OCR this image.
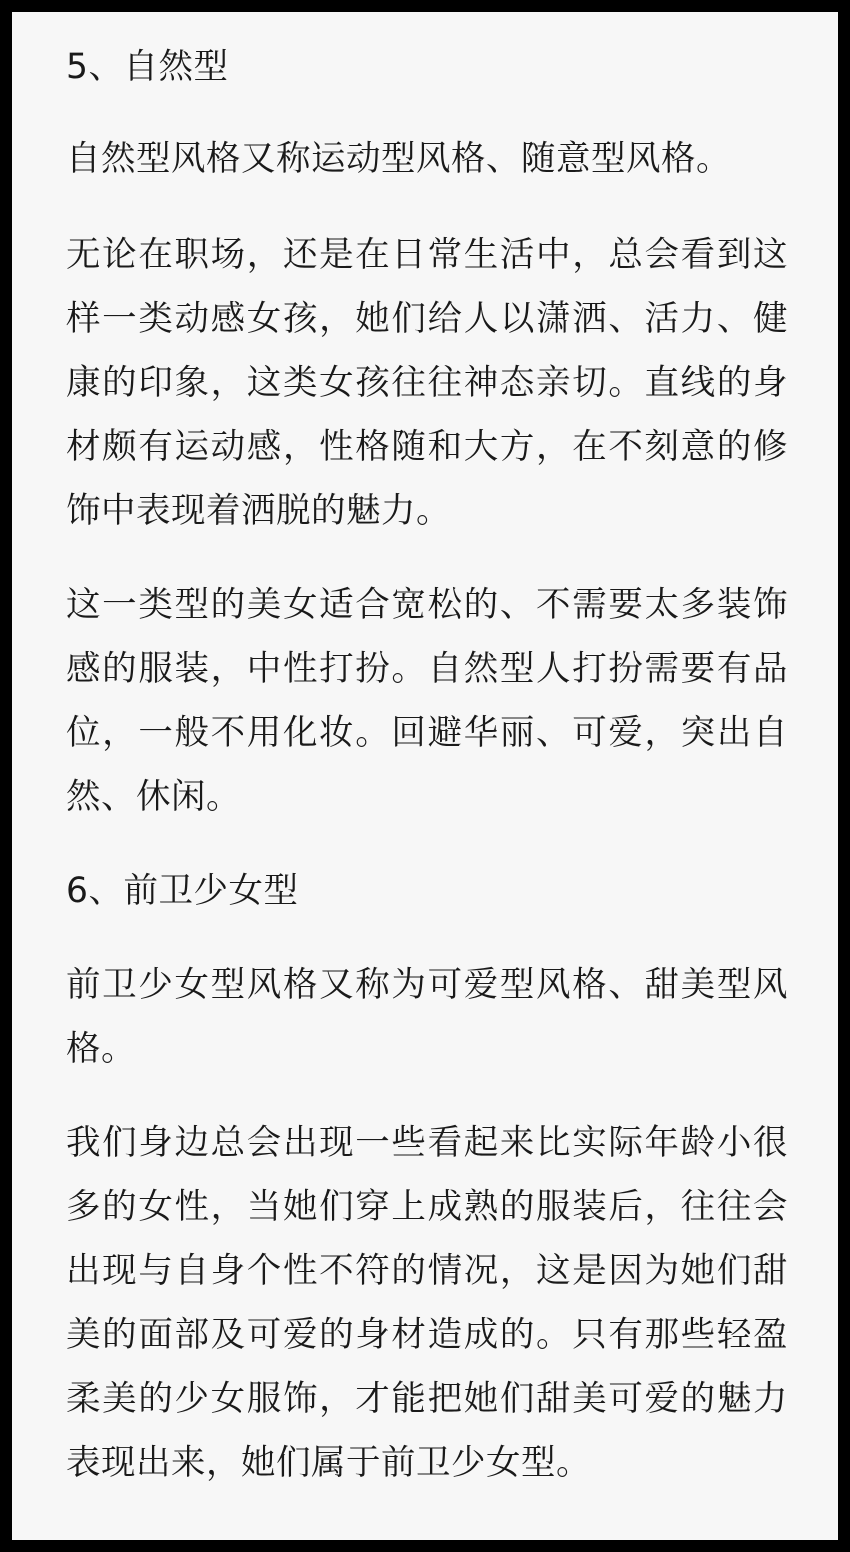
5、自然型

自然型风格又称运动型风格、随意型风格。

无论在职场，还是在日常生活中，总会看到这样一类动感女孩，她们给人以潇洒、活力、健康的印象，这类女孩往往神态亲切。直线的身材颇有运动感，性格随和大方，在不刻意的修饰中表现着洒脱的魅力。

这一类型的美女适合宽松的、不需要太多装饰感的服装，中性打扮。自然型人打扮需要有品位，一般不用化妆。回避华丽、可爱，突出自然、休闲。

6、前卫少女型

前卫少女型风格又称为可爱型风格、甜美型风格。

我们身边总会出现一些看起来比实际年龄小很多的女性，当她们穿上成熟的服装后，往往会出现与自身个性不符的情况，这是因为她们甜美的面部及可爱的身材造成的。只有那些轻盈柔美的少女服饰，才能把她们甜美可爱的魅力表现出来，她们属于前卫少女型。
